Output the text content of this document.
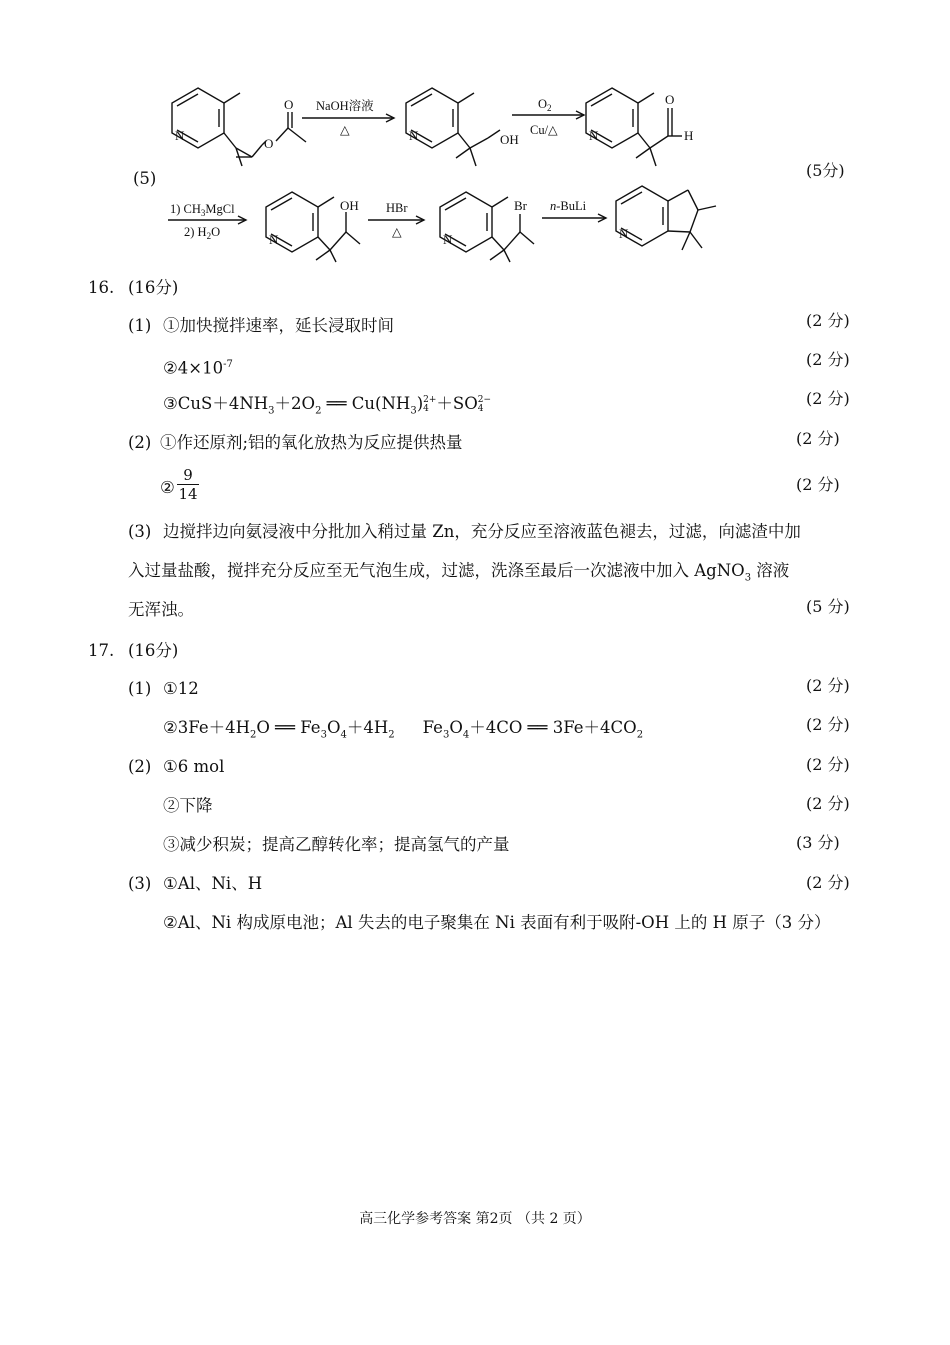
N
O
O
N	OH	N
O
H
N
OH
N
Br
N
NaOH溶液
△
$O_2$
Cu/△
1) $CH_3MgCl$
2) $H_2O$
HBr
△
n-BuLi
(5)	(5分)
16. (16分)
(1) ①加快搅拌速率，延长浸取时间	(2 分)
$②4\times 10^{-7}$	(2 分)
$③CuS+4NH_3+2O_2$ ══ $Cu(NH_3)$ 2+
4 ＋SO 2−
4
(2 分)
(2) ①作还原剂;铝的氧化放热为反应提供热量	(2 分)
②
9
14	(2 分)
(3) 边搅拌边向氨浸液中分批加入稍过量 Zn，充分反应至溶液蓝色褪去，过滤，向滤渣中加
入过量盐酸，搅拌充分反应至无气泡生成，过滤，洗涤至最后一次滤液中加入 AgNO$_3$ 溶液
无浑浊。	(5 分)
17. (16分)
(1) ①12	(2 分)
$②3Fe+4H_2O$ ══ $Fe_3O_4+4H_2$ $Fe_3O_4+4CO$ ══ $3Fe+4CO_2$
(2 分)
(2) ①6 mol	(2 分)
②下降	(2 分)
③减少积炭；提高乙醇转化率；提高氢气的产量	(3 分)
(3) ①Al、Ni、H	(2 分)
②Al、Ni 构成原电池；Al 失去的电子聚集在 Ni 表面有利于吸附-OH 上的 H 原子（3 分）
高三化学参考答案 第2页 （共 2 页）
